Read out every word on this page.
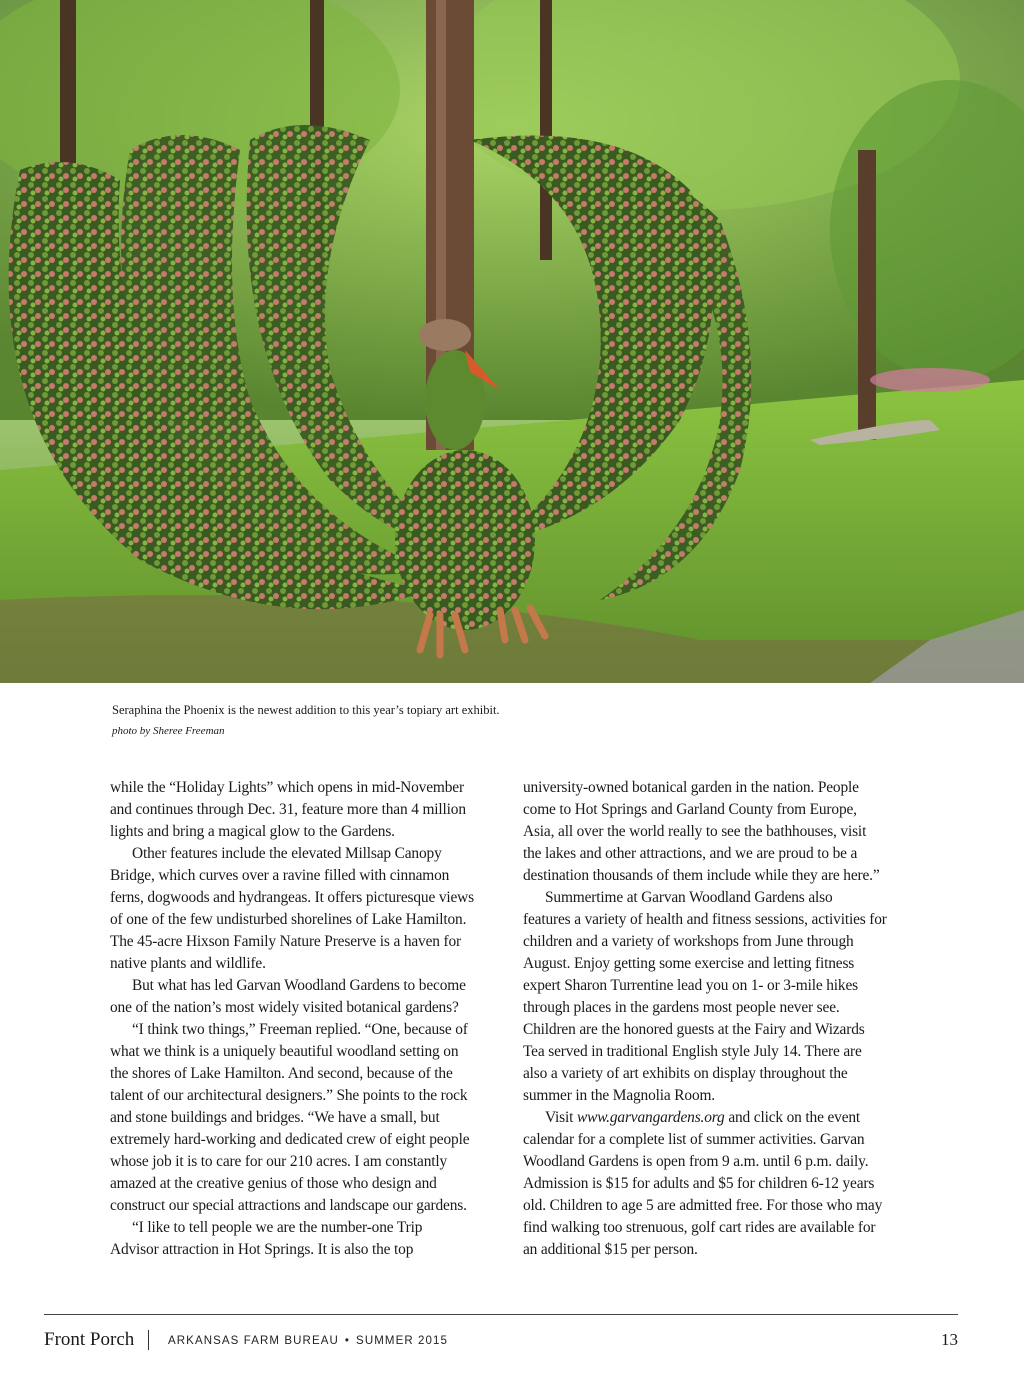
Seraphina the Phoenix is the newest addition to this year’s topiary art exhibit.

photo by Sheree Freeman

while the “Holiday Lights” which opens in mid-November

and continues through Dec. 31, feature more than 4 million

lights and bring a magical glow to the Gardens.

Other features include the elevated Millsap Canopy

Bridge, which curves over a ravine filled with cinnamon

ferns, dogwoods and hydrangeas. It offers picturesque views

of one of the few undisturbed shorelines of Lake Hamilton.

The 45-acre Hixson Family Nature Preserve is a haven for

native plants and wildlife.

But what has led Garvan Woodland Gardens to become

one of the nation’s most widely visited botanical gardens?

“I think two things,” Freeman replied. “One, because of

what we think is a uniquely beautiful woodland setting on

the shores of Lake Hamilton. And second, because of the

talent of our architectural designers.” She points to the rock

and stone buildings and bridges. “We have a small, but

extremely hard-working and dedicated crew of eight people

whose job it is to care for our 210 acres. I am constantly

amazed at the creative genius of those who design and

construct our special attractions and landscape our gardens.

“I like to tell people we are the number-one Trip

Advisor attraction in Hot Springs. It is also the top

university-owned botanical garden in the nation. People

come to Hot Springs and Garland County from Europe,

Asia, all over the world really to see the bathhouses, visit

the lakes and other attractions, and we are proud to be a

destination thousands of them include while they are here.”

Summertime at Garvan Woodland Gardens also

features a variety of health and fitness sessions, activities for

children and a variety of workshops from June through

August. Enjoy getting some exercise and letting fitness

expert Sharon Turrentine lead you on 1- or 3-mile hikes

through places in the gardens most people never see.

Children are the honored guests at the Fairy and Wizards

Tea served in traditional English style July 14. There are

also a variety of art exhibits on display throughout the

summer in the Magnolia Room.

Visit www.garvangardens.org and click on the event

calendar for a complete list of summer activities. Garvan

Woodland Gardens is open from 9 a.m. until 6 p.m. daily.

Admission is $15 for adults and $5 for children 6-12 years

old. Children to age 5 are admitted free. For those who may

find walking too strenuous, golf cart rides are available for

an additional $15 per person.

Front Porch	ARKANSAS FARM BUREAU • SUMMER 2015	13
